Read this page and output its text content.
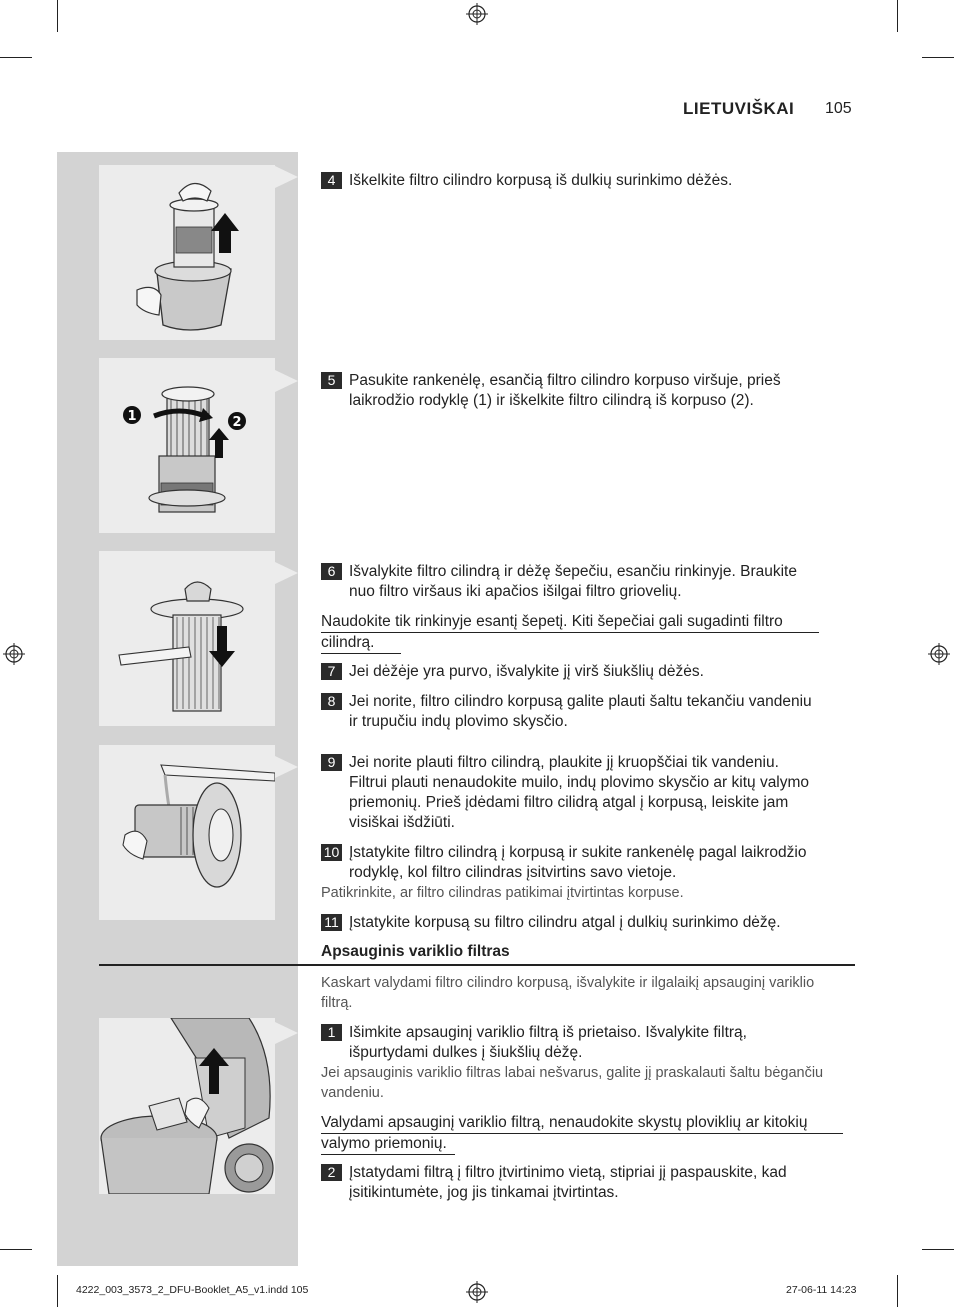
LIETUVIŠKAI 105
1	2
4 Iškelkite filtro cilindro korpusą iš dulkių surinkimo dėžės.
5 Pasukite rankenėlę, esančią filtro cilindro korpuso viršuje, prieš
laikrodžio rodyklę (1) ir iškelkite filtro cilindrą iš korpuso (2).
6 Išvalykite filtro cilindrą ir dėžę šepečiu, esančiu rinkinyje. Braukite
nuo filtro viršaus iki apačios išilgai filtro griovelių.
Naudokite tik rinkinyje esantį šepetį. Kiti šepečiai gali sugadinti filtro
cilindrą.
7 Jei dėžėje yra purvo, išvalykite jį virš šiukšlių dėžės.
8 Jei norite, filtro cilindro korpusą galite plauti šaltu tekančiu vandeniu
ir trupučiu indų plovimo skysčio.
9 Jei norite plauti filtro cilindrą, plaukite jį kruopščiai tik vandeniu.
Filtrui plauti nenaudokite muilo, indų plovimo skysčio ar kitų valymo
priemonių. Prieš įdėdami filtro cilidrą atgal į korpusą, leiskite jam
visiškai išdžiūti.
10 Įstatykite filtro cilindrą į korpusą ir sukite rankenėlę pagal laikrodžio
rodyklę, kol filtro cilindras įsitvirtins savo vietoje.
Patikrinkite, ar filtro cilindras patikimai įtvirtintas korpuse.
11 Įstatykite korpusą su filtro cilindru atgal į dulkių surinkimo dėžę.
Apsauginis variklio filtras
Kaskart valydami filtro cilindro korpusą, išvalykite ir ilgalaikį apsauginį variklio
filtrą.
1 Išimkite apsauginį variklio filtrą iš prietaiso. Išvalykite filtrą,
išpurtydami dulkes į šiukšlių dėžę.
Jei apsauginis variklio filtras labai nešvarus, galite jį praskalauti šaltu bėgančiu
vandeniu.
Valydami apsauginį variklio filtrą, nenaudokite skystų ploviklių ar kitokių
valymo priemonių.
2 Įstatydami filtrą į filtro įtvirtinimo vietą, stipriai jį paspauskite, kad
įsitikintumėte, jog jis tinkamai įtvirtintas.
4222_003_3573_2_DFU-Booklet_A5_v1.indd 105	27-06-11 14:23
